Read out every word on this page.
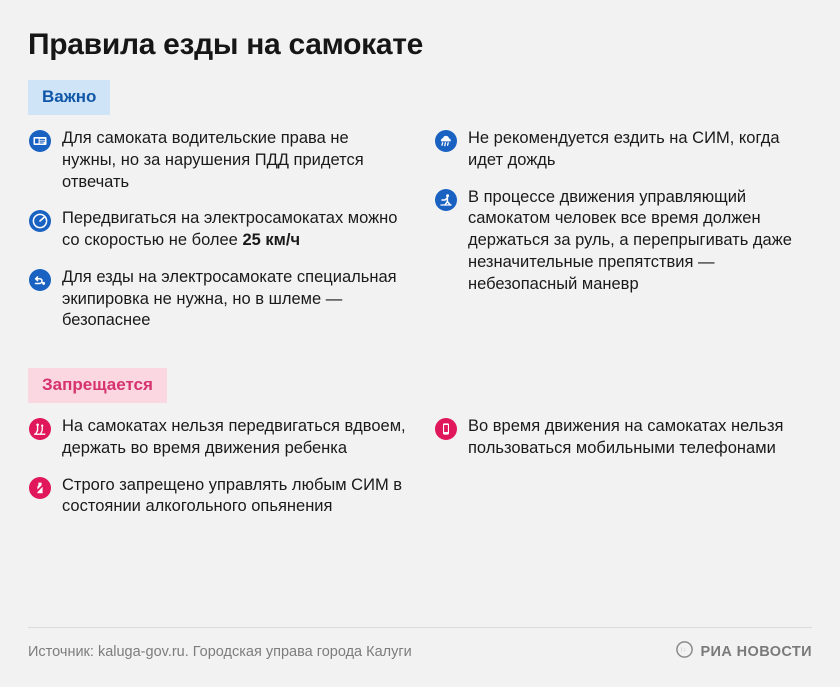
Правила езды на самокате
Важно
Для самоката водительские права не нужны, но за нарушения ПДД придется отвечать
Передвигаться на электросамокатах можно со скоростью не более 25 км/ч
Для езды на электросамокате специальная экипировка не нужна, но в шлеме — безопаснее
Не рекомендуется ездить на СИМ, когда идет дождь
В процессе движения управляющий самокатом человек все время должен держаться за руль, а перепрыгивать даже незначительные препятствия — небезопасный маневр
Запрещается
На самокатах нельзя передвигаться вдвоем, держать во время движения ребенка
Строго запрещено управлять любым СИМ в состоянии алкогольного опьянения
Во время движения на самокатах нельзя пользоваться мобильными телефонами
Источник: kaluga-gov.ru. Городская управа города Калуги	РИА НОВОСТИ
